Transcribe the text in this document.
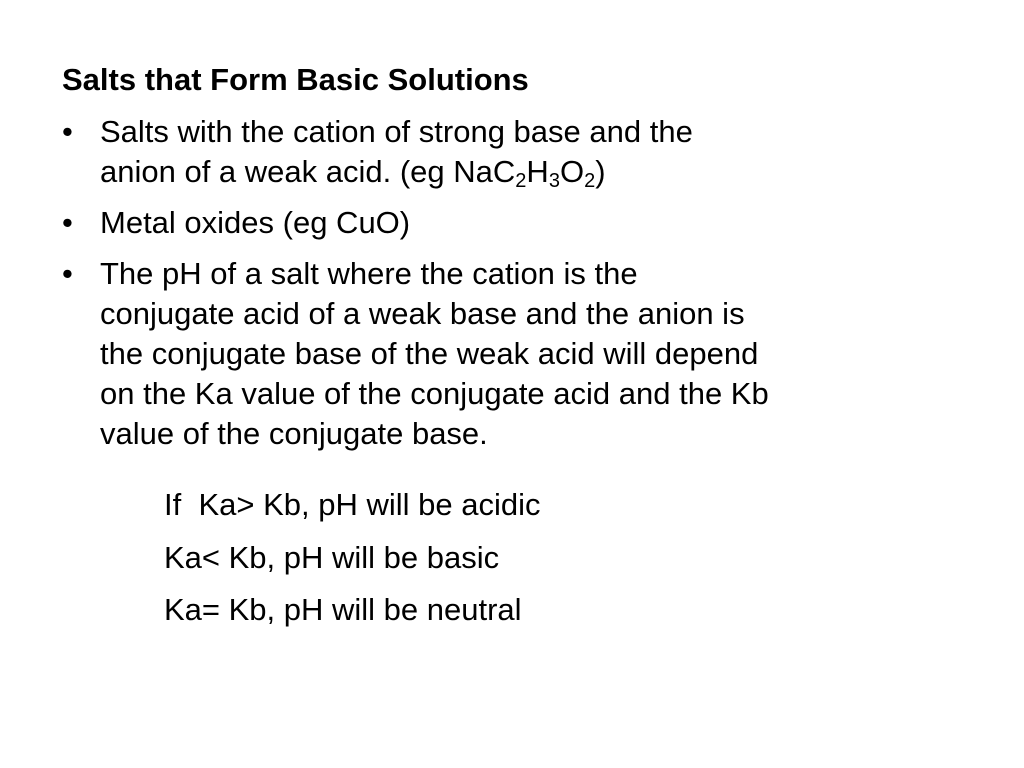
Salts that Form Basic Solutions
• Salts with the cation of strong base and the
anion of a weak acid. (eg $NaC_2H_3O_2$)
• Metal oxides (eg CuO)
• The pH of a salt where the cation is the
conjugate acid of a weak base and the anion is
the conjugate base of the weak acid will depend
on the Ka value of the conjugate acid and the Kb
value of the conjugate base.
If  Ka> Kb, pH will be acidic
Ka< Kb, pH will be basic
Ka= Kb, pH will be neutral
